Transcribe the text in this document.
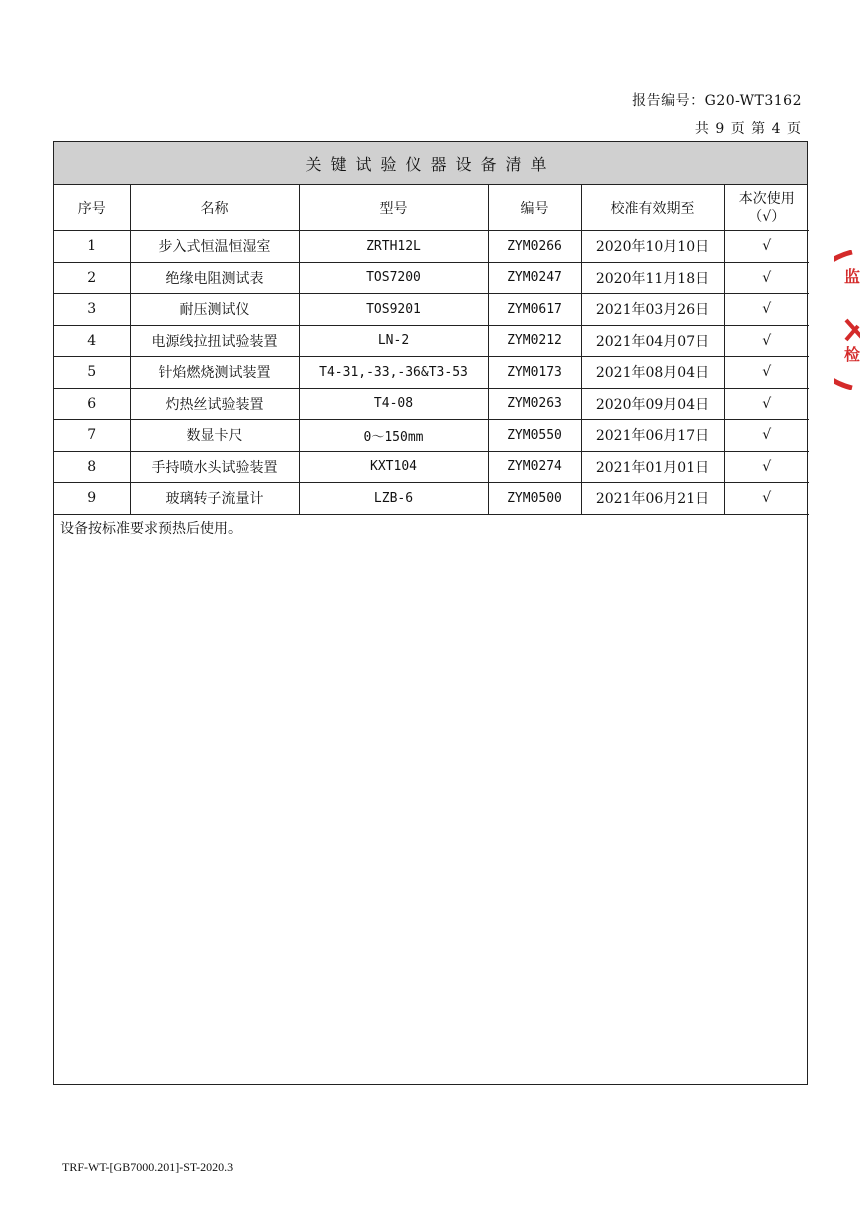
报告编号：G20-WT3162
共 9 页 第 4 页
关键试验仪器设备清单
序号	名称	型号	编号	校准有效期至	本次使用
（√）

1	步入式恒温恒湿室	ZRTH12L	ZYM0266	2020年10月10日	√
2	绝缘电阻测试表	TOS7200	ZYM0247	2020年11月18日	√
3	耐压测试仪	TOS9201	ZYM0617	2021年03月26日	√
4	电源线拉扭试验装置	LN-2	ZYM0212	2021年04月07日	√
5	针焰燃烧测试装置	T4-31,-33,-36&T3-53	ZYM0173	2021年08月04日	√
6	灼热丝试验装置	T4-08	ZYM0263	2020年09月04日	√
7	数显卡尺	0～150mm	ZYM0550	2021年06月17日	√
8	手持喷水头试验装置	KXT104	ZYM0274	2021年01月01日	√
9	玻璃转子流量计	LZB-6	ZYM0500	2021年06月21日	√
设备按标准要求预热后使用。
TRF-WT-[GB7000.201]-ST-2020.3
监
检
